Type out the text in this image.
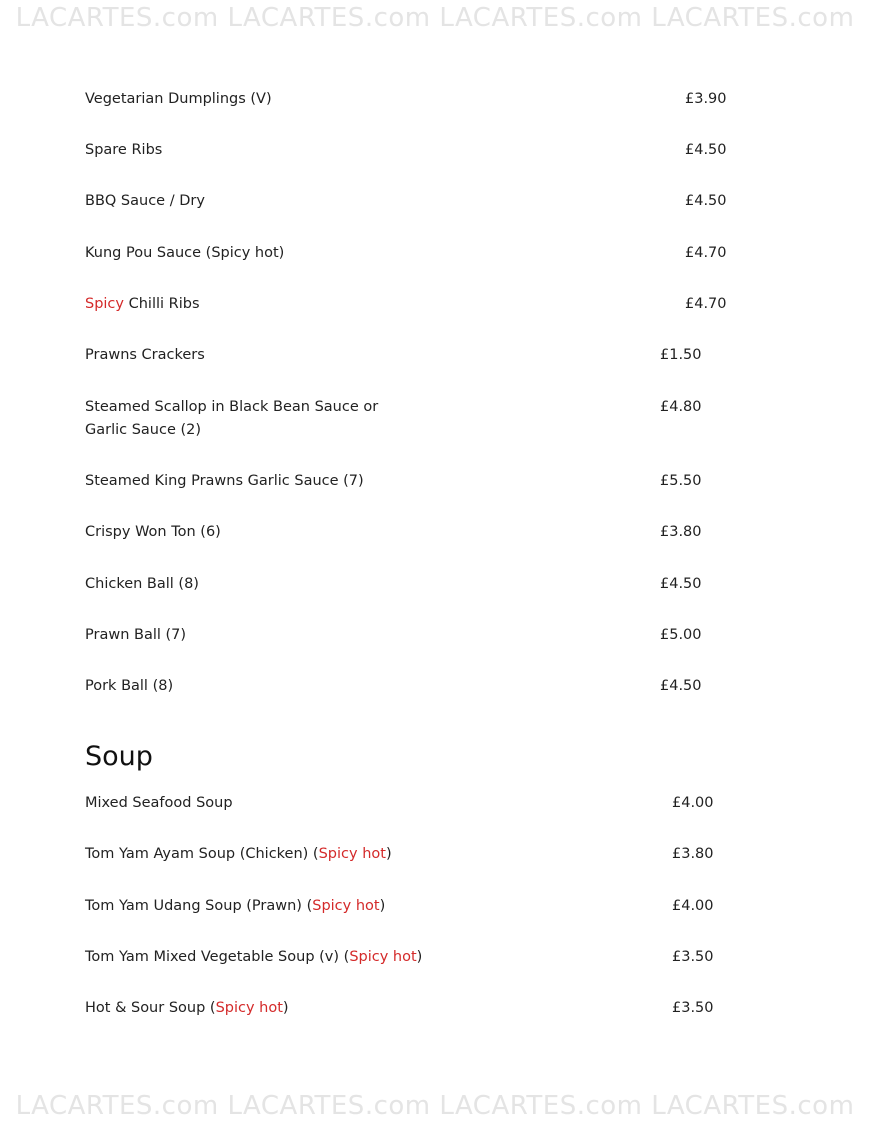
LACARTES.com LACARTES.com LACARTES.com LACARTES.com
Vegetarian Dumplings (V)	£3.90
Spare Ribs	£4.50
BBQ Sauce / Dry	£4.50
Kung Pou Sauce (Spicy hot)	£4.70
Spicy Chilli Ribs	£4.70
Prawns Crackers	£1.50
Steamed Scallop in Black Bean Sauce or
Garlic Sauce (2)
£4.80
Steamed King Prawns Garlic Sauce (7)	£5.50
Crispy Won Ton (6)	£3.80
Chicken Ball (8)	£4.50
Prawn Ball (7)	£5.00
Pork Ball (8)	£4.50
Soup
Mixed Seafood Soup	£4.00
Tom Yam Ayam Soup (Chicken) (Spicy hot)	£3.80
Tom Yam Udang Soup (Prawn) (Spicy hot)	£4.00
Tom Yam Mixed Vegetable Soup (v) (Spicy hot)	£3.50
Hot & Sour Soup (Spicy hot)	£3.50
LACARTES.com LACARTES.com LACARTES.com LACARTES.com
